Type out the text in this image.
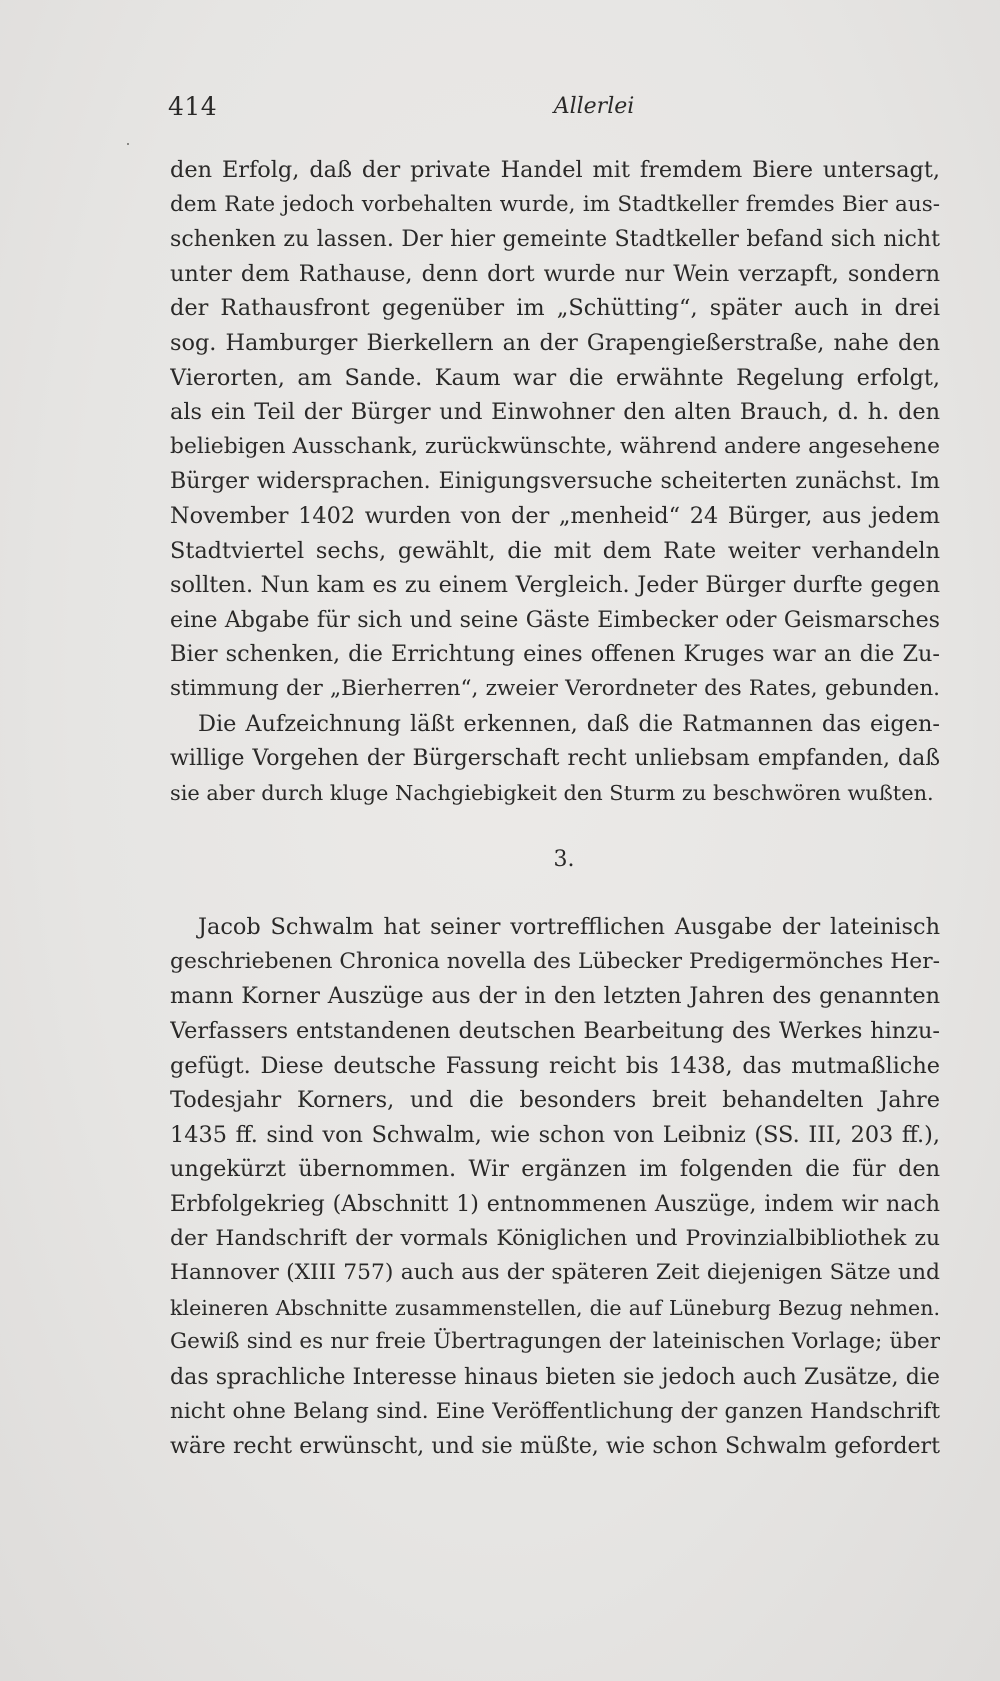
414	Allerlei

den Erfolg, daß der private Handel mit fremdem Biere untersagt,
dem Rate jedoch vorbehalten wurde, im Stadtkeller fremdes Bier aus-
schenken zu lassen. Der hier gemeinte Stadtkeller befand sich nicht
unter dem Rathause, denn dort wurde nur Wein verzapft, sondern
der Rathausfront gegenüber im „Schütting“, später auch in drei
sog. Hamburger Bierkellern an der Grapengießerstraße, nahe den
Vierorten, am Sande. Kaum war die erwähnte Regelung erfolgt,
als ein Teil der Bürger und Einwohner den alten Brauch, d. h. den
beliebigen Ausschank, zurückwünschte, während andere angesehene
Bürger widersprachen. Einigungsversuche scheiterten zunächst. Im
November 1402 wurden von der „menheid“ 24 Bürger, aus jedem
Stadtviertel sechs, gewählt, die mit dem Rate weiter verhandeln
sollten. Nun kam es zu einem Vergleich. Jeder Bürger durfte gegen
eine Abgabe für sich und seine Gäste Eimbecker oder Geismarsches
Bier schenken, die Errichtung eines offenen Kruges war an die Zu-
stimmung der „Bierherren“, zweier Verordneter des Rates, gebunden.

Die Aufzeichnung läßt erkennen, daß die Ratmannen das eigen-
willige Vorgehen der Bürgerschaft recht unliebsam empfanden, daß
sie aber durch kluge Nachgiebigkeit den Sturm zu beschwören wußten.

3.

Jacob Schwalm hat seiner vortrefflichen Ausgabe der lateinisch
geschriebenen Chronica novella des Lübecker Predigermönches Her-
mann Korner Auszüge aus der in den letzten Jahren des genannten
Verfassers entstandenen deutschen Bearbeitung des Werkes hinzu-
gefügt. Diese deutsche Fassung reicht bis 1438, das mutmaßliche
Todesjahr Korners, und die besonders breit behandelten Jahre
1435 ff. sind von Schwalm, wie schon von Leibniz (SS. III, 203 ff.),
ungekürzt übernommen. Wir ergänzen im folgenden die für den
Erbfolgekrieg (Abschnitt 1) entnommenen Auszüge, indem wir nach
der Handschrift der vormals Königlichen und Provinzialbibliothek zu
Hannover (XIII 757) auch aus der späteren Zeit diejenigen Sätze und
kleineren Abschnitte zusammenstellen, die auf Lüneburg Bezug nehmen.
Gewiß sind es nur freie Übertragungen der lateinischen Vorlage; über
das sprachliche Interesse hinaus bieten sie jedoch auch Zusätze, die
nicht ohne Belang sind. Eine Veröffentlichung der ganzen Handschrift
wäre recht erwünscht, und sie müßte, wie schon Schwalm gefordert
